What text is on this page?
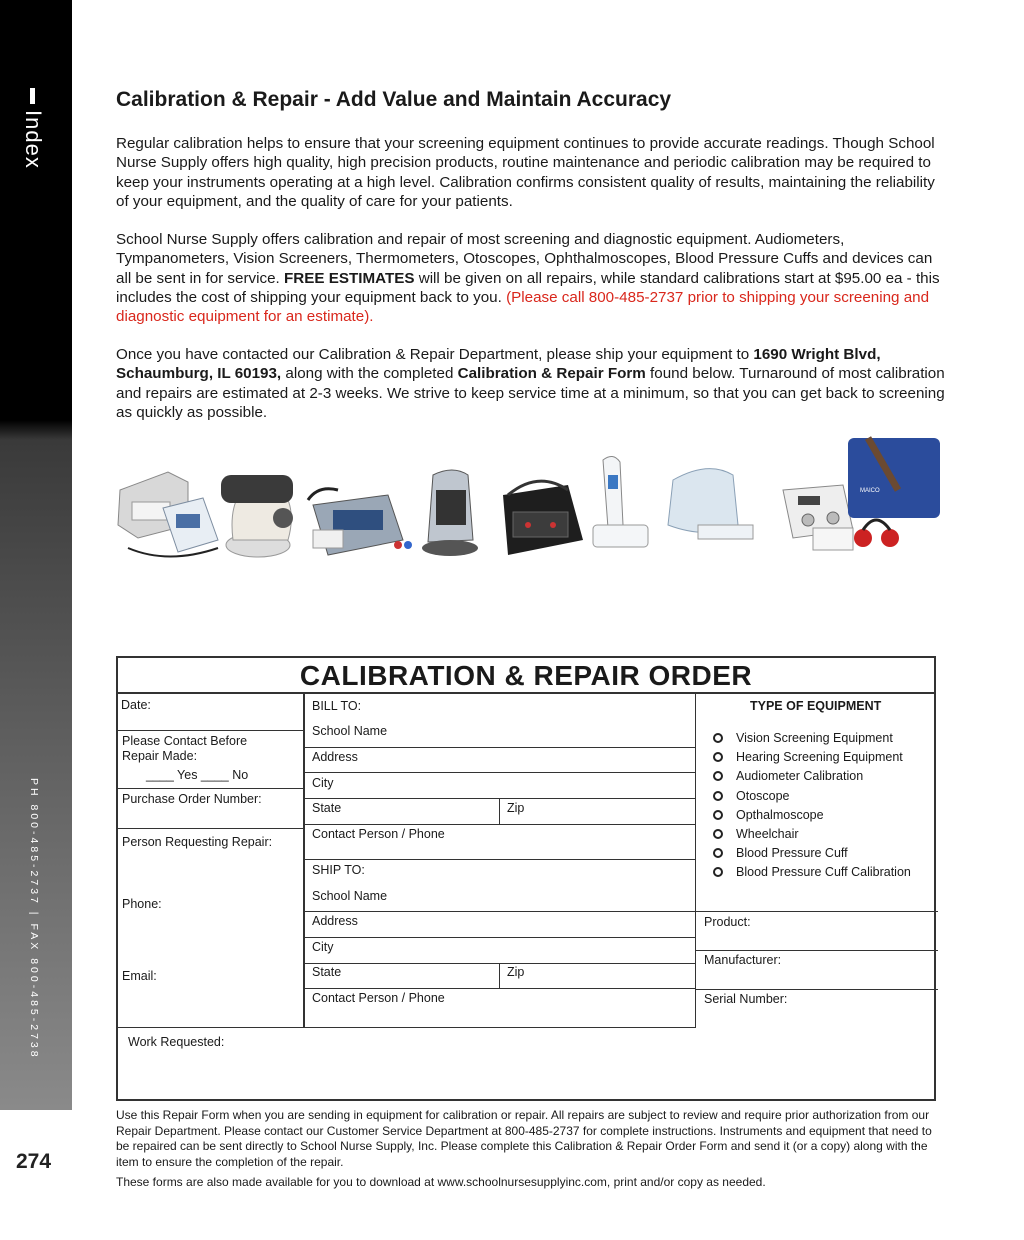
Index
PH 800-485-2737 | FAX 800-485-2738
274
Calibration & Repair - Add Value and Maintain Accuracy

Regular calibration helps to ensure that your screening equipment continues to provide accurate readings. Though School Nurse Supply offers high quality, high precision products, routine maintenance and periodic calibration may be required to keep your instruments operating at a high level. Calibration confirms consistent quality of results, maintaining the reliability of your equipment, and the quality of care for your patients.

School Nurse Supply offers calibration and repair of most screening and diagnostic equipment. Audiometers, Tympanometers, Vision Screeners, Thermometers, Otoscopes, Ophthalmoscopes, Blood Pressure Cuffs and devices can all be sent in for service. FREE ESTIMATES will be given on all repairs, while standard calibrations start at $95.00 ea - this includes the cost of shipping your equipment back to you. (Please call 800-485-2737 prior to shipping your screening and diagnostic equipment for an estimate).

Once you have contacted our Calibration & Repair Department, please ship your equipment to 1690 Wright Blvd, Schaumburg, IL 60193, along with the completed Calibration & Repair Form found below. Turnaround of most calibration and repairs are estimated at 2-3 weeks. We strive to keep service time at a minimum, so that you can get back to screening as quickly as possible.

MAICO
CALIBRATION & REPAIR ORDER
Date:
Please Contact Before
Repair Made:
____ Yes ____ No
Purchase Order Number:
Person Requesting Repair:
Phone:
Email:
BILL TO:
School Name
Address
City
State	Zip
Contact Person / Phone
SHIP TO:
School Name
Address
City
State	Zip
Contact Person / Phone
TYPE OF EQUIPMENT
Vision Screening Equipment
Hearing Screening Equipment
Audiometer Calibration
Otoscope
Opthalmoscope
Wheelchair
Blood Pressure Cuff
Blood Pressure Cuff Calibration
Product:
Manufacturer:
Serial Number:
Work Requested:

Use this Repair Form when you are sending in equipment for calibration or repair. All repairs are subject to review and require prior authorization from our Repair Department. Please contact our Customer Service Department at 800-485-2737 for complete instructions. Instruments and equipment that need to be repaired can be sent directly to School Nurse Supply, Inc. Please complete this Calibration & Repair Order Form and send it (or a copy) along with the item to ensure the completion of the repair.

These forms are also made available for you to download at www.schoolnursesupplyinc.com, print and/or copy as needed.
